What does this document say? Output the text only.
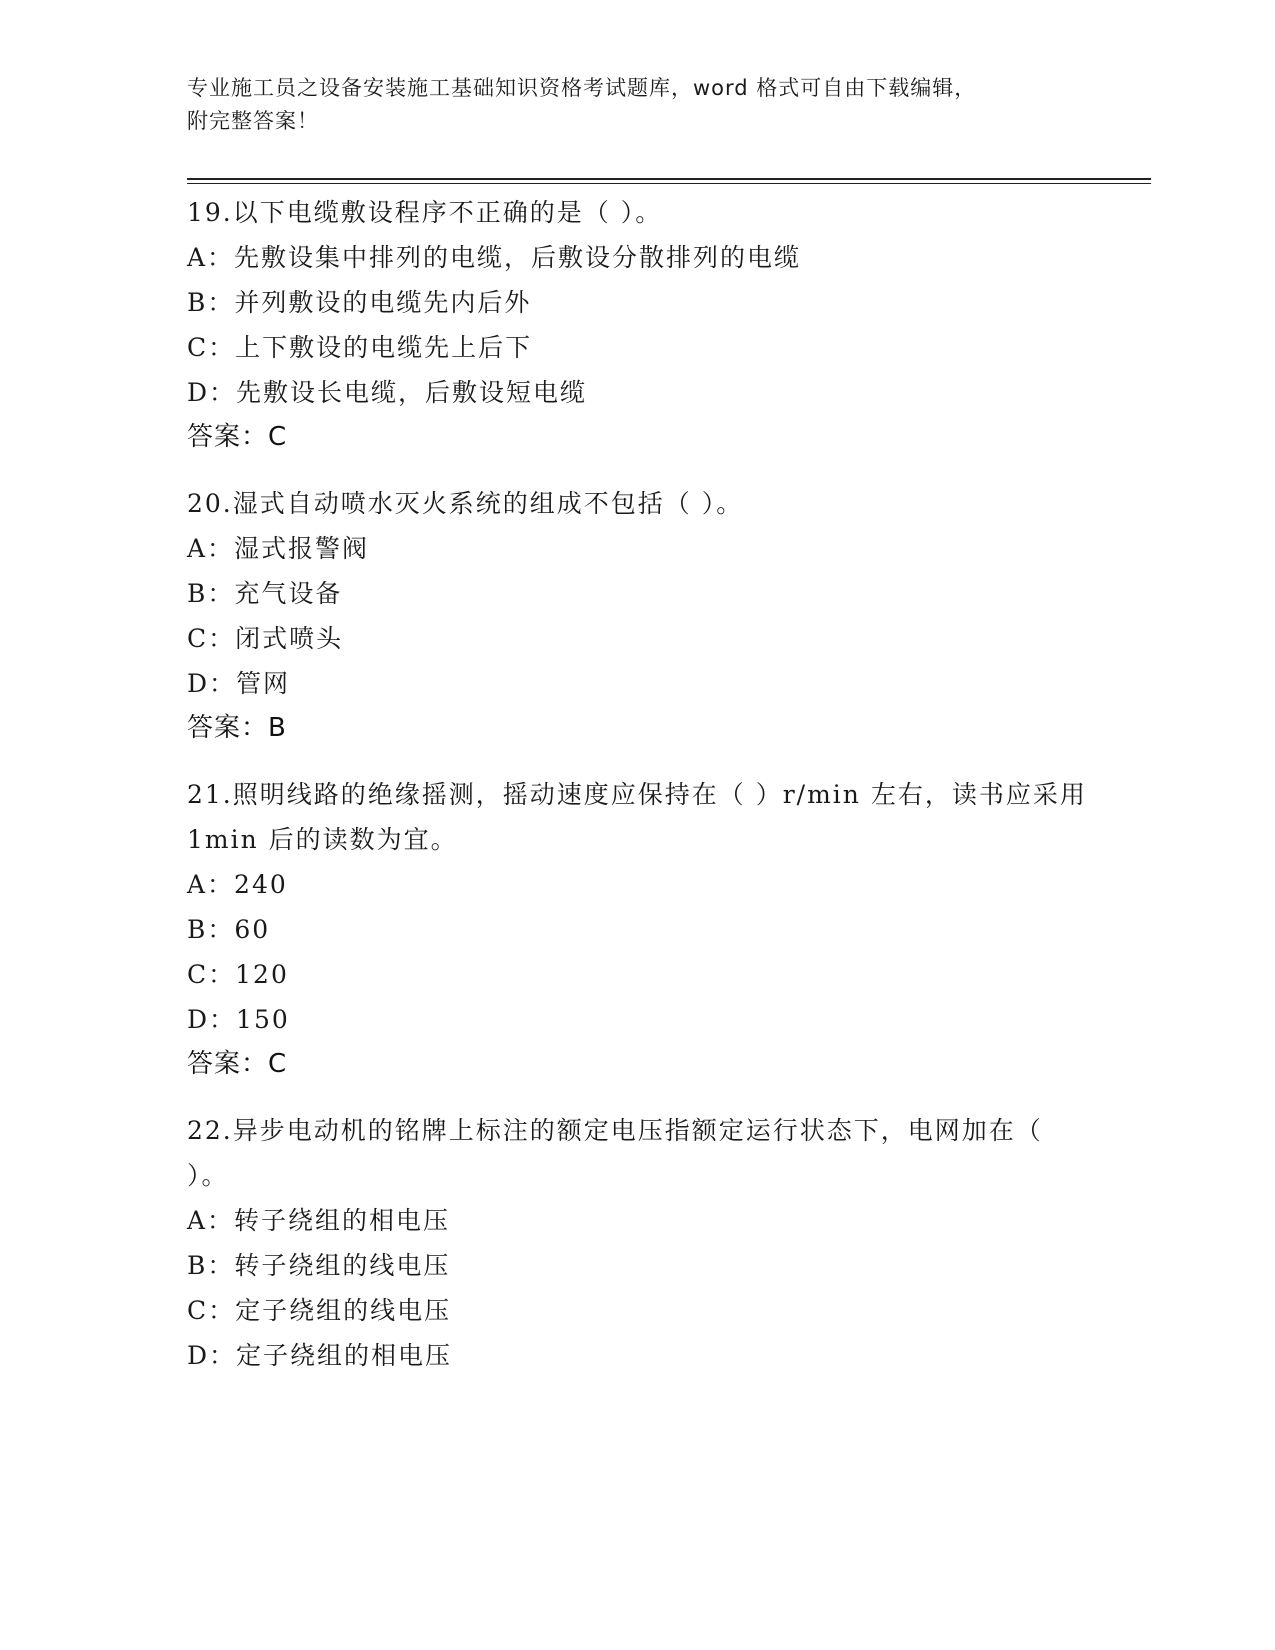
专业施工员之设备安装施工基础知识资格考试题库，word 格式可自由下载编辑，
附完整答案！
19.以下电缆敷设程序不正确的是（ ）。
A：先敷设集中排列的电缆，后敷设分散排列的电缆
B：并列敷设的电缆先内后外
C：上下敷设的电缆先上后下
D：先敷设长电缆，后敷设短电缆
答案：C
20.湿式自动喷水灭火系统的组成不包括（ ）。
A：湿式报警阀
B：充气设备
C：闭式喷头
D：管网
答案：B
21.照明线路的绝缘摇测，摇动速度应保持在（ ）r/min 左右，读书应采用 1min 后的读数为宜。
A：240
B：60
C：120
D：150
答案：C
22.异步电动机的铭牌上标注的额定电压指额定运行状态下，电网加在（ ）。
A：转子绕组的相电压
B：转子绕组的线电压
C：定子绕组的线电压
D：定子绕组的相电压
